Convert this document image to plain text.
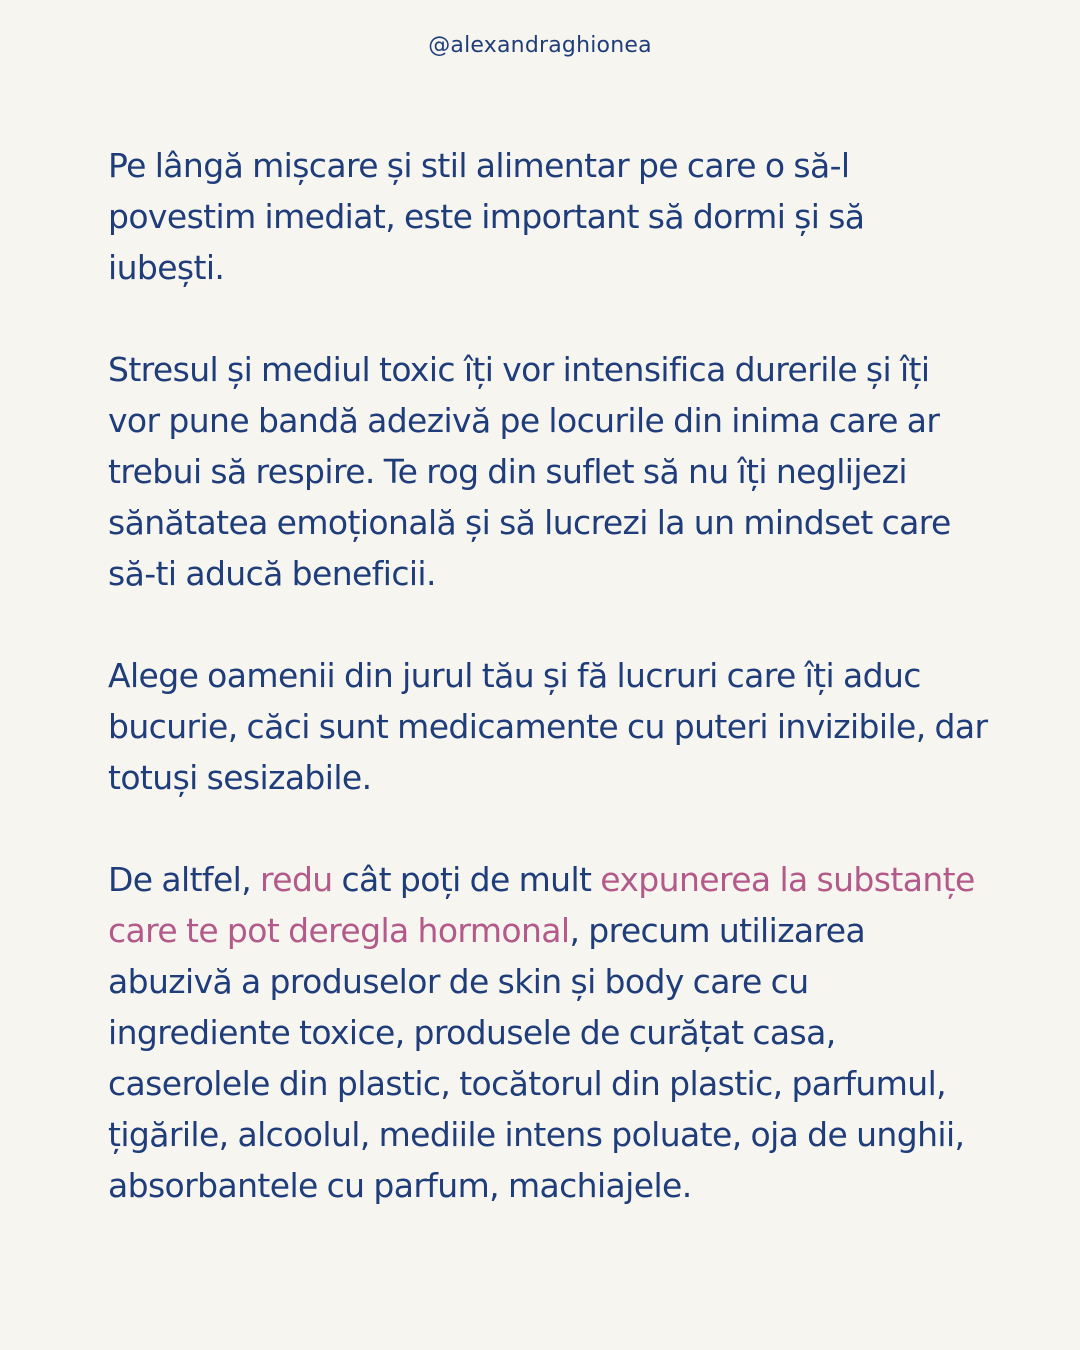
@alexandraghionea

Pe lângă mișcare și stil alimentar pe care o să-l povestim imediat, este important să dormi și să iubești.

Stresul și mediul toxic îți vor intensifica durerile și îți vor pune bandă adezivă pe locurile din inima care ar trebui să respire. Te rog din suflet să nu îți neglijezi sănătatea emoțională și să lucrezi la un mindset care să-ti aducă beneficii.

Alege oamenii din jurul tău și fă lucruri care îți aduc bucurie, căci sunt medicamente cu puteri invizibile, dar totuși sesizabile.

De altfel, redu cât poți de mult expunerea la substanțe care te pot deregla hormonal, precum utilizarea abuzivă a produselor de skin și body care cu ingrediente toxice, produsele de curățat casa, caserolele din plastic, tocătorul din plastic, parfumul, țigările, alcoolul, mediile intens poluate, oja de unghii, absorbantele cu parfum, machiajele.
